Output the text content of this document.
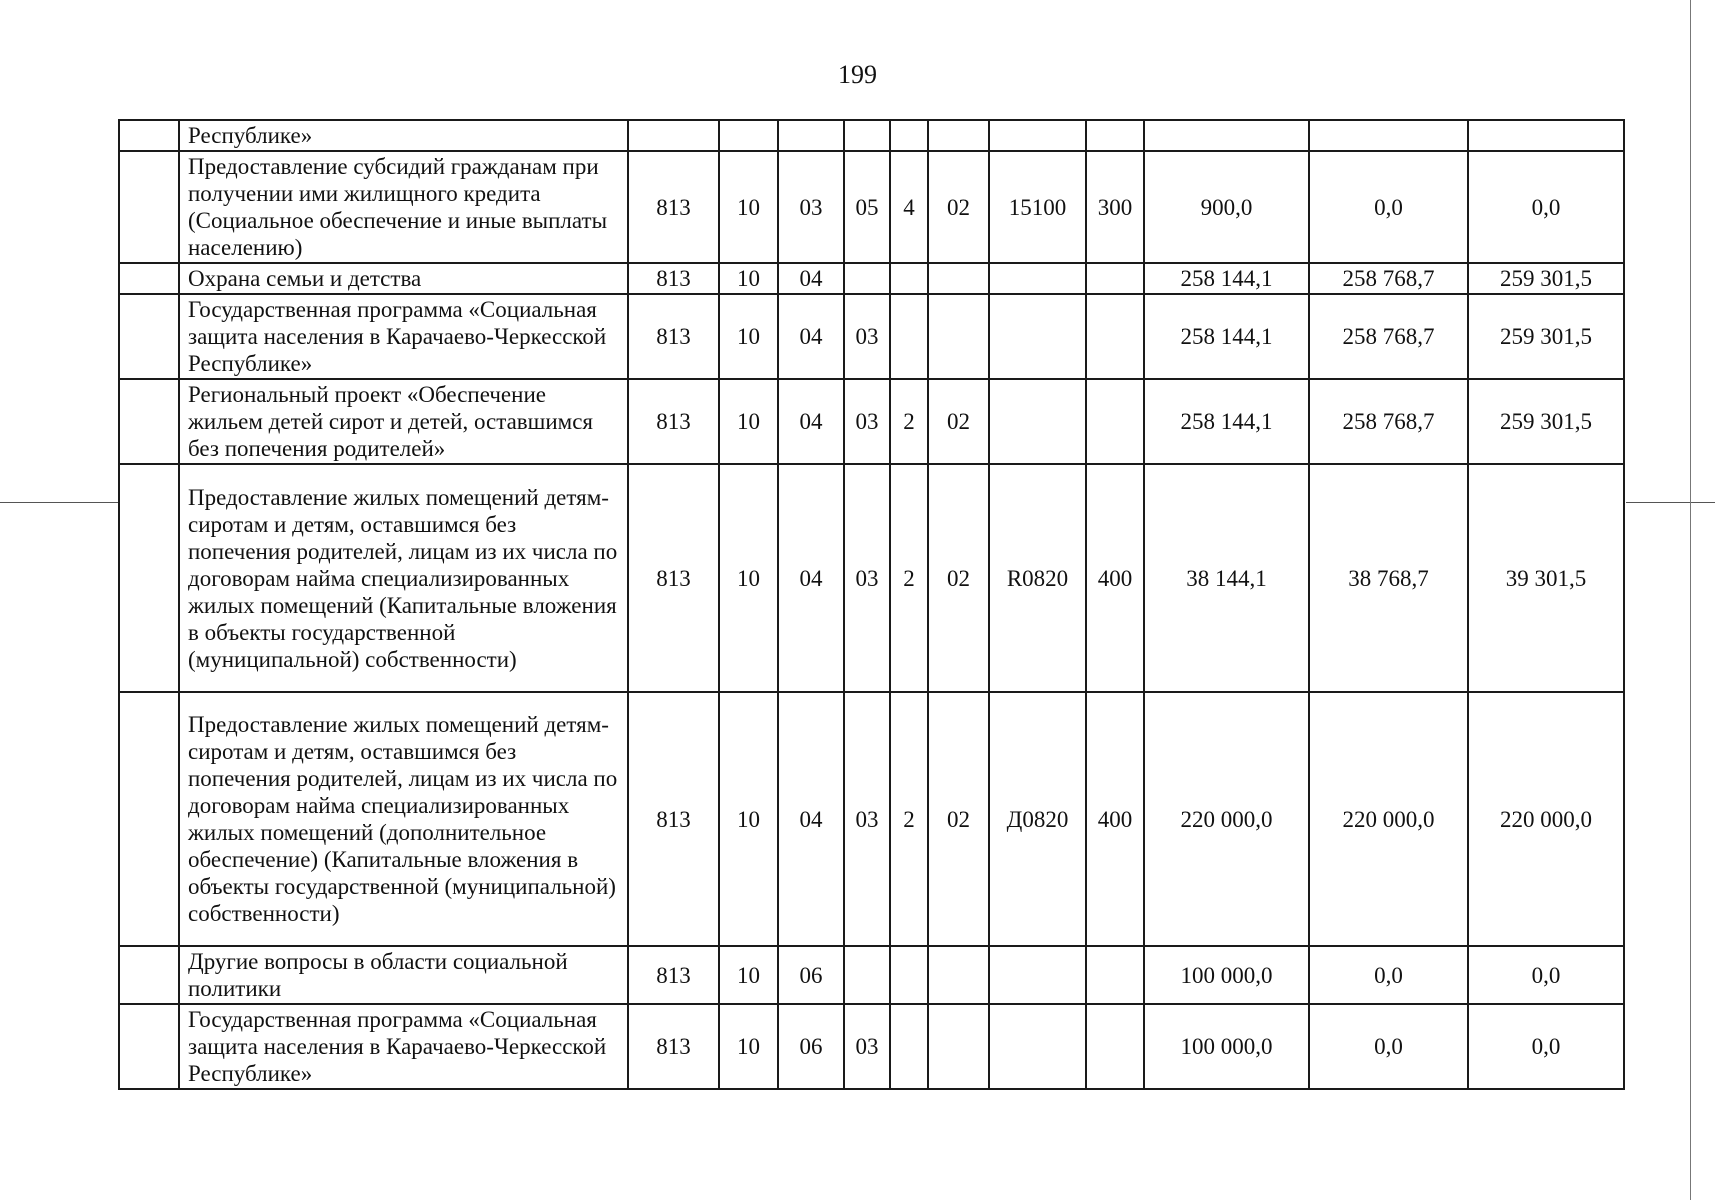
199
	Республике»											
	Предоставление субсидий гражданам при получении ими жилищного кредита (Социальное обеспечение и иные выплаты населению)	813	10	03	05	4	02	15100	300	900,0	0,0	0,0
	Охрана семьи и детства	813	10	04						258 144,1	258 768,7	259 301,5
	Государственная программа «Социальная защита населения в Карачаево-Черкесской Республике»	813	10	04	03					258 144,1	258 768,7	259 301,5
	Региональный проект «Обеспечение жильем детей сирот и детей, оставшимся без попечения родителей»	813	10	04	03	2	02			258 144,1	258 768,7	259 301,5
	Предоставление жилых помещений детям-сиротам и детям, оставшимся без попечения родителей, лицам из их числа по договорам найма специализированных жилых помещений (Капитальные вложения в объекты государственной (муниципальной) собственности)	813	10	04	03	2	02	R0820	400	38 144,1	38 768,7	39 301,5
	Предоставление жилых помещений детям-сиротам и детям, оставшимся без попечения родителей, лицам из их числа по договорам найма специализированных жилых помещений (дополнительное обеспечение) (Капитальные вложения в объекты государственной (муниципальной) собственности)	813	10	04	03	2	02	Д0820	400	220 000,0	220 000,0	220 000,0
	Другие вопросы в области социальной политики	813	10	06						100 000,0	0,0	0,0
	Государственная программа «Социальная защита населения в Карачаево-Черкесской Республике»	813	10	06	03					100 000,0	0,0	0,0
